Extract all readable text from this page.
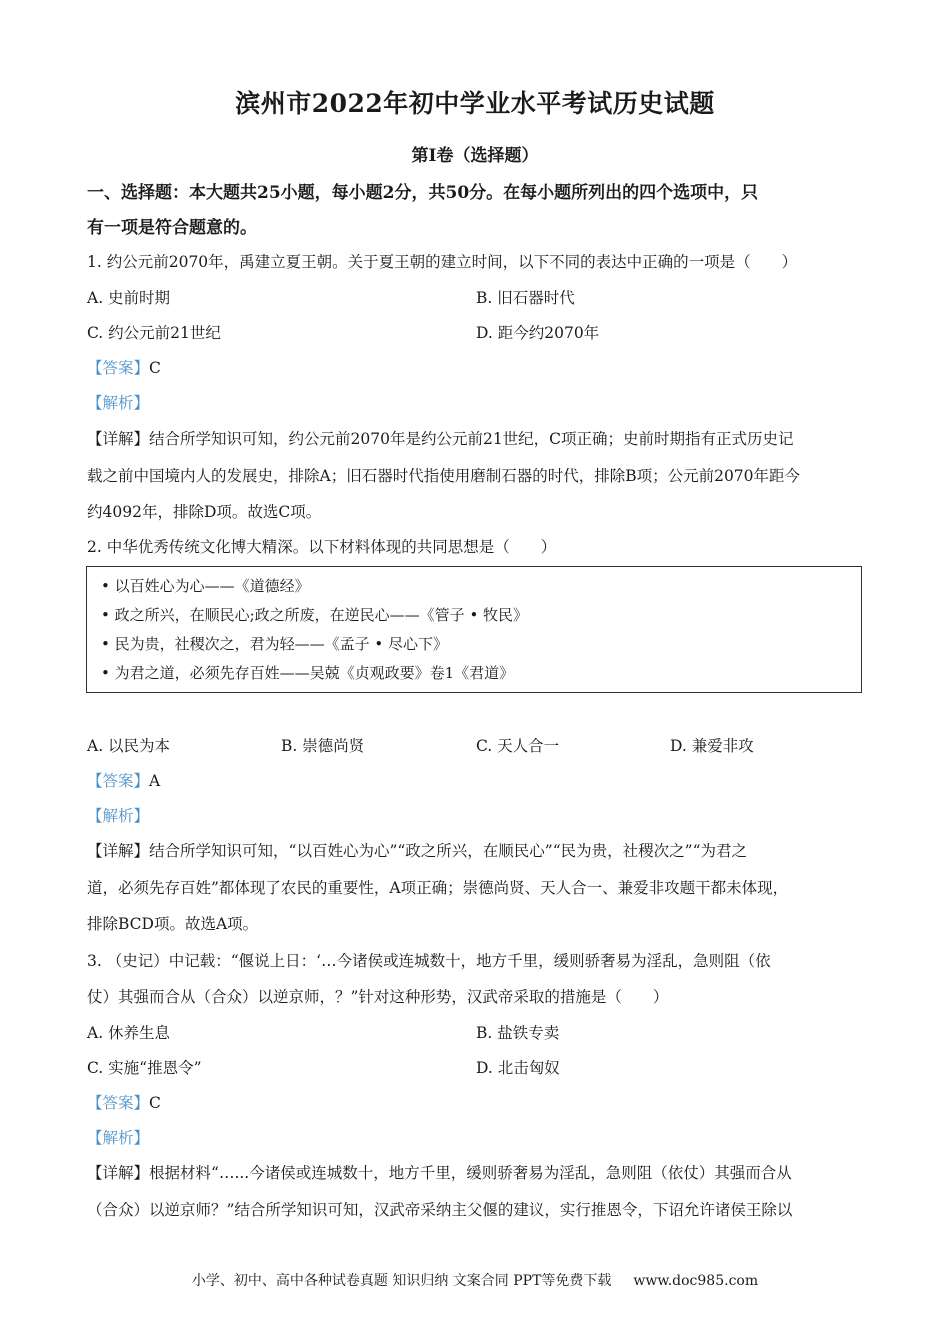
滨州市2022年初中学业水平考试历史试题
第I卷（选择题）
一、选择题：本大题共25小题，每小题2分，共50分。在每小题所列出的四个选项中，只
有一项是符合题意的。
1. 约公元前2070年，禹建立夏王朝。关于夏王朝的建立时间，以下不同的表达中正确的一项是（　　）
A. 史前时期	B. 旧石器时代
C. 约公元前21世纪	D. 距今约2070年
【答案】C
【解析】
【详解】结合所学知识可知，约公元前2070年是约公元前21世纪，C项正确；史前时期指有正式历史记
载之前中国境内人的发展史，排除A；旧石器时代指使用磨制石器的时代，排除B项；公元前2070年距今
约4092年，排除D项。故选C项。
2. 中华优秀传统文化博大精深。以下材料体现的共同思想是（　　）
• 以百姓心为心——《道德经》
• 政之所兴，在顺民心;政之所废，在逆民心——《管子 • 牧民》
• 民为贵，社稷次之，君为轻——《孟子 • 尽心下》
• 为君之道，必须先存百姓——吴兢《贞观政要》卷1《君道》
A. 以民为本	B. 崇德尚贤	C. 天人合一	D. 兼爱非攻
【答案】A
【解析】
【详解】结合所学知识可知，“以百姓心为心”“政之所兴，在顺民心”“民为贵，社稷次之”“为君之
道，必须先存百姓”都体现了农民的重要性，A项正确；崇德尚贤、天人合一、兼爱非攻题干都未体现，
排除BCD项。故选A项。
3. （史记）中记载：“偃说上日：‘…今诸侯或连城数十，地方千里，缓则骄奢易为淫乱，急则阻（依
仗）其强而合从（合众）以逆京师，？”针对这种形势，汉武帝采取的措施是（　　）
A. 休养生息	B. 盐铁专卖
C. 实施“推恩令”	D. 北击匈奴
【答案】C
【解析】
【详解】根据材料“…...今诸侯或连城数十，地方千里，缓则骄奢易为淫乱，急则阻（依仗）其强而合从
（合众）以逆京师？”结合所学知识可知，汉武帝采纳主父偃的建议，实行推恩令，下诏允许诸侯王除以
小学、初中、高中各种试卷真题 知识归纳 文案合同 PPT等免费下载 www.doc985.com
